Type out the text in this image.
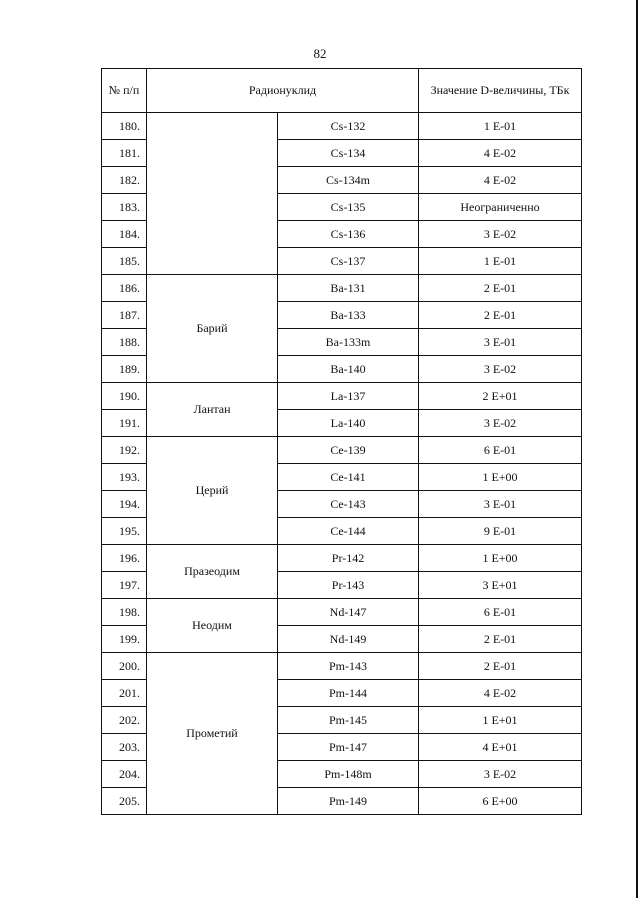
82
№ п/п	Радионуклид		Значение D-величины, ТБк
180.		Cs-132	1 E-01
181.		Cs-134	4 E-02
182.		Cs-134m	4 E-02
183.		Cs-135	Неограниченно
184.		Cs-136	3 E-02
185.		Cs-137	1 E-01
186.	Барий	Ba-131	2 E-01
187.		Ba-133	2 E-01
188.		Ba-133m	3 E-01
189.		Ba-140	3 E-02
190.	Лантан	La-137	2 E+01
191.		La-140	3 E-02
192.	Церий	Ce-139	6 E-01
193.		Ce-141	1 E+00
194.		Ce-143	3 E-01
195.		Ce-144	9 E-01
196.	Празеодим	Pr-142	1 E+00
197.		Pr-143	3 E+01
198.	Неодим	Nd-147	6 E-01
199.		Nd-149	2 E-01
200.	Прометий	Pm-143	2 E-01
201.		Pm-144	4 E-02
202.		Pm-145	1 E+01
203.		Pm-147	4 E+01
204.		Pm-148m	3 E-02
205.		Pm-149	6 E+00
